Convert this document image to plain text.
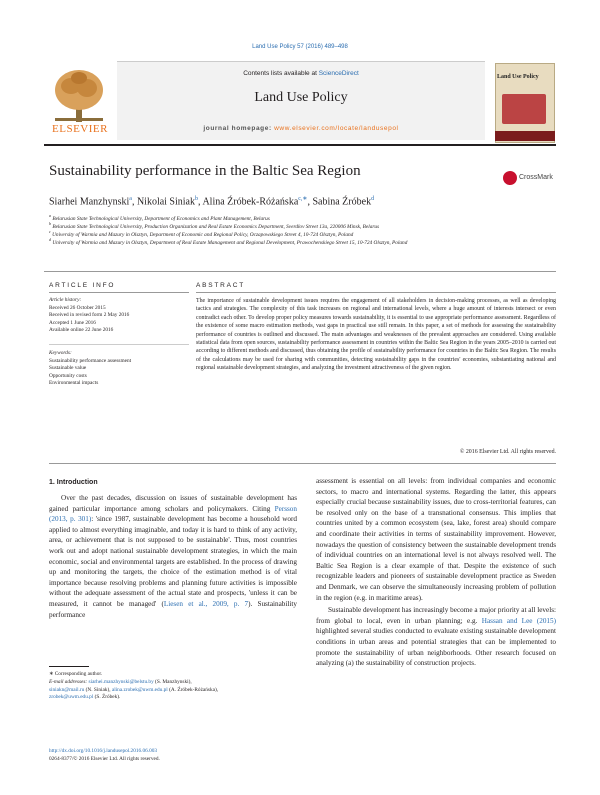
Land Use Policy 57 (2016) 489–498
ELSEVIER
Contents lists available at ScienceDirect
Land Use Policy
journal homepage: www.elsevier.com/locate/landusepol
Land Use Policy
Sustainability performance in the Baltic Sea Region	CrossMark
Siarhei Manzhynski$^a$, Nikolai Siniak$^b$, Alina Źróbek-Różańska$^{c,∗}$, Sabina Źróbek$^d$
$^a$ Belarusian State Technological University, Department of Economics and Plant Management, Belarus
$^b$ Belarusian State Technological University, Production Organization and Real Estate Economics Department, Sverdlov Street 13a, 220006 Minsk, Belarus
$^c$ University of Warmia and Mazury in Olsztyn, Department of Economic and Regional Policy, Oczapowskiego Street 4, 10-724 Olsztyn, Poland
$^d$ University of Warmia and Mazury in Olsztyn, Department of Real Estate Management and Regional Development, Prawochenskiego Street 15, 10-724 Olsztyn, Poland
ARTICLE INFO
Article history:
Received 26 October 2015
Received in revised form 2 May 2016
Accepted 1 June 2016
Available online 22 June 2016
Keywords:
Sustainability performance assessment
Sustainable value
Opportunity costs
Environmental impacts
ABSTRACT
The importance of sustainable development issues requires the engagement of all stakeholders in decision-making processes, as well as developing tactics and strategies. The complexity of this task increases on regional and international levels, where a huge amount of interests intersect or even contradict each other. To develop proper policy measures towards sustainability, it is essential to use appropriate performance assessment. Regardless of the existence of some macro estimation methods, vast gaps in practical use still remain. In this paper, a set of methods for assessing the sustainability performance of countries is outlined and discussed. The main advantages and weaknesses of the prevalent approaches are considered. Using available statistical data from open sources, sustainability performance assessment in countries within the Baltic Sea Region in the years 2005–2010 is carried out according to different methods and discussed, thus obtaining the profile of sustainability performance for countries in the Baltic Sea Region. The results of the calculations may be used for sharing with communities, detecting sustainability gaps in the countries' economies, substantiating national and regional sustainable development strategies, and analyzing the investment attractiveness of the given region.
© 2016 Elsevier Ltd. All rights reserved.
1. Introduction

Over the past decades, discussion on issues of sustainable development has gained particular importance among scholars and policymakers. Citing Persson (2013, p. 301): 'since 1987, sustainable development has become a household word applied to almost everything imaginable, and today it is hard to think of any activity, area, or achievement that is not supposed to be sustainable'. Thus, most countries work out and adopt national sustainable development strategies, in which the main economic, social and environmental targets are established. In the process of drawing up and monitoring the targets, the choice of the estimation method is of vital importance because resolving problems and planning future activities is impossible without the adequate assessment of the actual state and prospects, 'unless it can be measured, it cannot be managed' (Liesen et al., 2009, p. 7). Sustainability performance

assessment is essential on all levels: from individual companies and economic sectors, to macro and international systems. Regarding the latter, this appears especially crucial because sustainability issues, due to cross-territorial features, can be resolved only on the base of a transnational consensus. This implies that countries united by a common ecosystem (sea, lake, forest area) should compare and coordinate their activities in terms of sustainability improvement. However, nowadays the question of consistency between the sustainable development trends of individual countries on an international level is not always resolved well. The Baltic Sea Region is a clear example of that. Despite the existence of such recognizable leaders and pioneers of sustainable development practice as Sweden and Denmark, we can observe the simultaneously increasing problem of pollution in the region (e.g. in maritime areas).

Sustainable development has increasingly become a major priority at all levels: from global to local, even in urban planning; e.g. Hassan and Lee (2015) highlighted several studies conducted to evaluate existing sustainable development conditions in urban areas and potential strategies that can be implemented to promote the sustainability of urban neighborhoods. Other research focused on analyzing (a) the sustainability of construction projects.

∗ Corresponding author.
E-mail addresses: siarhei.manzhynski@belstu.by (S. Manzhynski),
siniakn@mail.ru (N. Siniak), alina.zrobek@uwm.edu.pl (A. Źróbek-Różańska),
zrobek@uwm.edu.pl (S. Źróbek).
http://dx.doi.org/10.1016/j.landusepol.2016.06.003
0264-8377/© 2016 Elsevier Ltd. All rights reserved.
